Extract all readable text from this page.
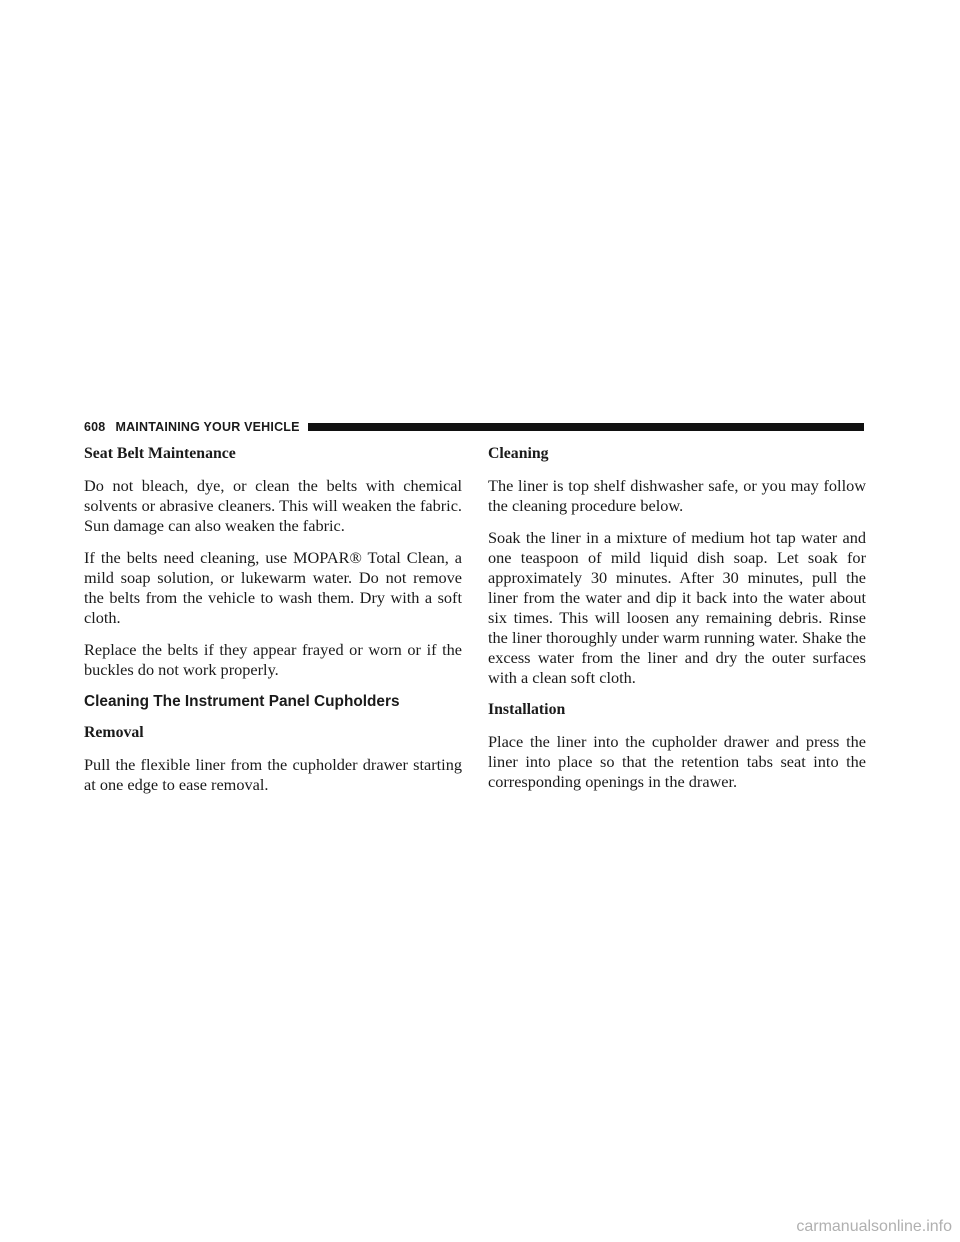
608 MAINTAINING YOUR VEHICLE
Seat Belt Maintenance

Do not bleach, dye, or clean the belts with chemical solvents or abrasive cleaners. This will weaken the fabric. Sun damage can also weaken the fabric.

If the belts need cleaning, use MOPAR® Total Clean, a mild soap solution, or lukewarm water. Do not remove the belts from the vehicle to wash them. Dry with a soft cloth.

Replace the belts if they appear frayed or worn or if the buckles do not work properly.

Cleaning The Instrument Panel Cupholders
Removal

Pull the flexible liner from the cupholder drawer starting at one edge to ease removal.

Cleaning

The liner is top shelf dishwasher safe, or you may follow the cleaning procedure below.

Soak the liner in a mixture of medium hot tap water and one teaspoon of mild liquid dish soap. Let soak for approximately 30 minutes. After 30 minutes, pull the liner from the water and dip it back into the water about six times. This will loosen any remaining debris. Rinse the liner thoroughly under warm running water. Shake the excess water from the liner and dry the outer surfaces with a clean soft cloth.

Installation

Place the liner into the cupholder drawer and press the liner into place so that the retention tabs seat into the corresponding openings in the drawer.

carmanualsonline.info
